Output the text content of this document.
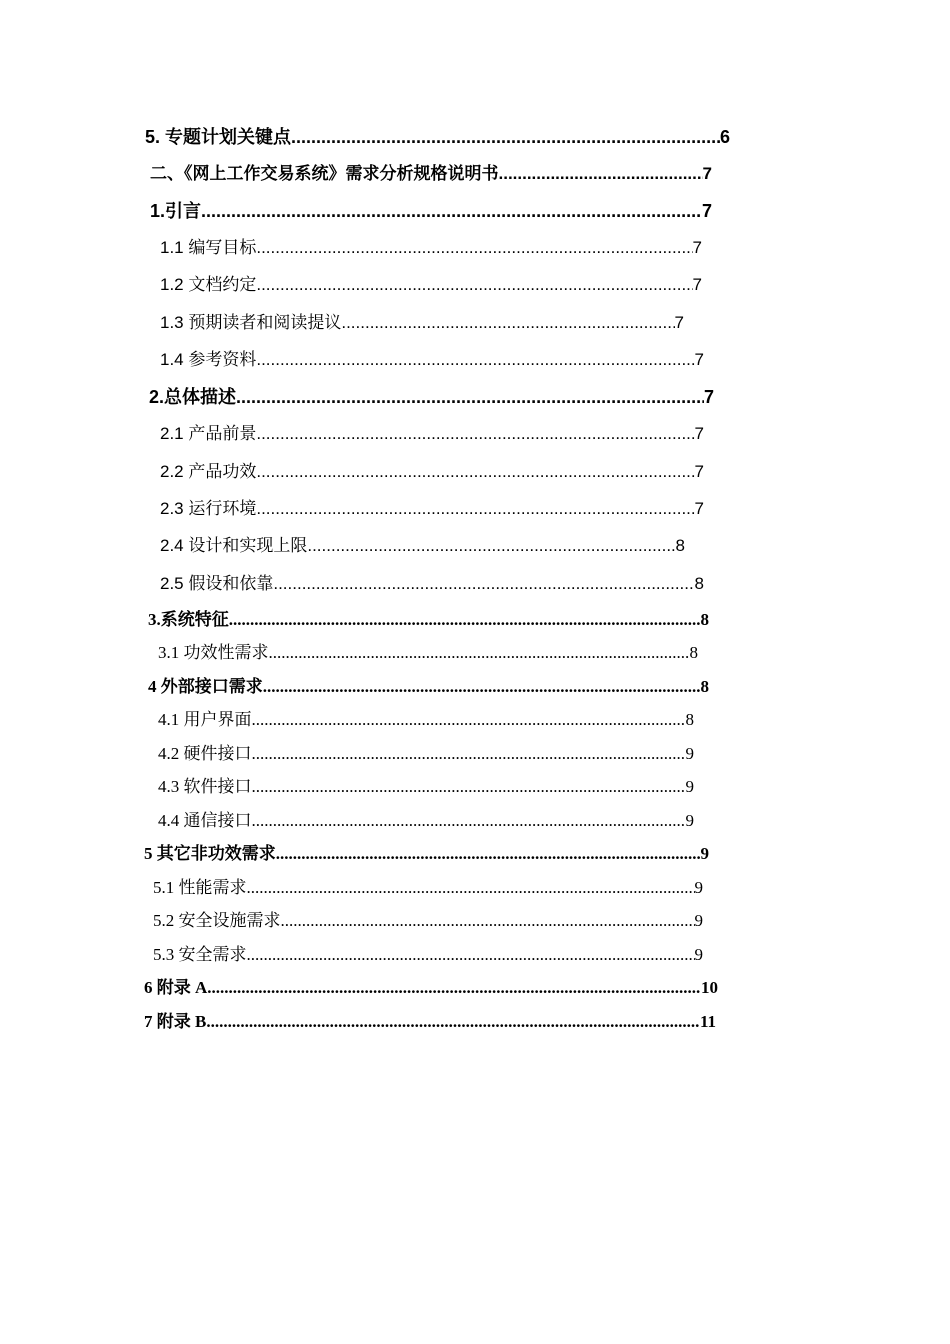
5. 专题计划关键点 .....	6
二、《网上工作交易系统》需求分析规格说明书 .....	7
1.引言 .....	7
1.1 编写目标 .....	7
1.2 文档约定 .....	7
1.3 预期读者和阅读提议 .....	7
1.4 参考资料 .....	7
2.总体描述 .....	7
2.1 产品前景 .....	7
2.2 产品功效 .....	7
2.3 运行环境 .....	7
2.4 设计和实现上限 .....	8
2.5 假设和依靠 .....	8
3.系统特征 .....	8
3.1 功效性需求 .....	8
4 外部接口需求 .....	8
4.1 用户界面 .....	8
4.2 硬件接口 .....	9
4.3 软件接口 .....	9
4.4 通信接口 .....	9
5 其它非功效需求 .....	9
5.1 性能需求 .....	9
5.2 安全设施需求 .....	9
5.3 安全需求 .....	9
6 附录 A .....	10
7 附录 B .....	11
